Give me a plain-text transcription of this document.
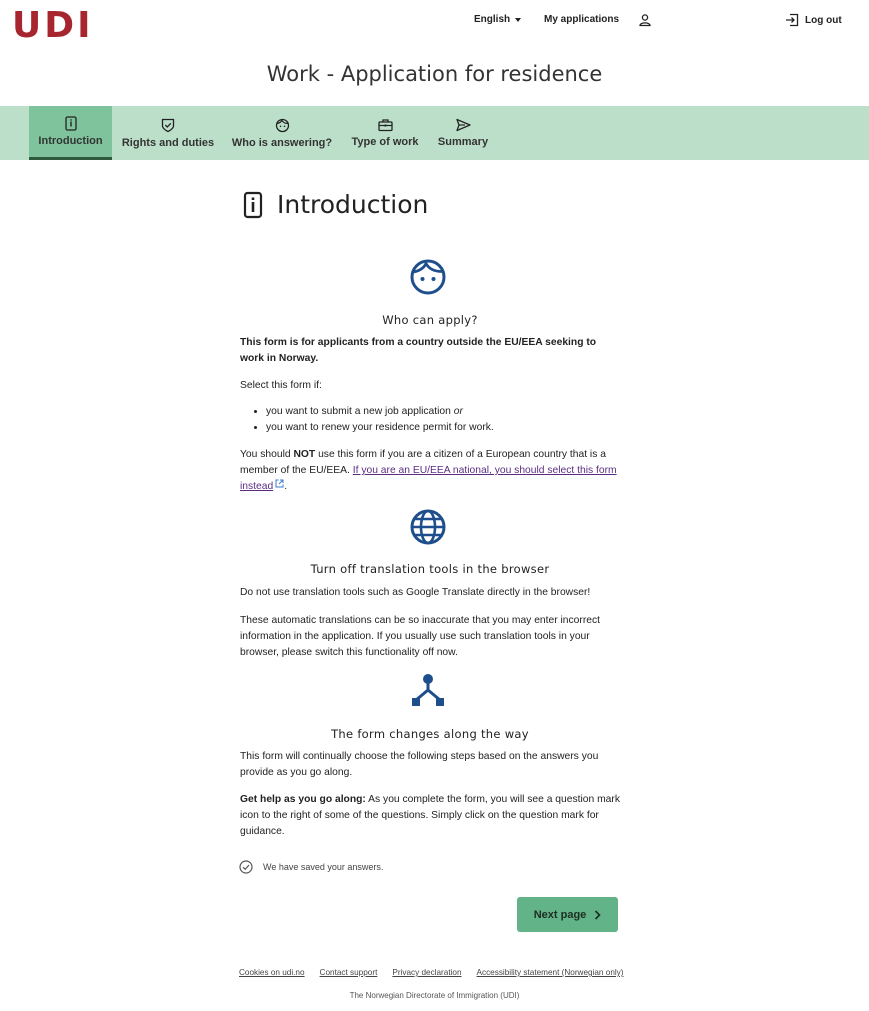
UDI	English	My applications	Log out
Work - Application for residence
Introduction Rights and duties Who is answering? Type of work Summary
Introduction
Who can apply?

This form is for applicants from a country outside the EU/EEA seeking to work in Norway.

Select this form if:

• you want to submit a new job application or
• you want to renew your residence permit for work.

You should NOT use this form if you are a citizen of a European country that is a member of the EU/EEA. If you are an EU/EEA national, you should select this form instead .

Turn off translation tools in the browser

Do not use translation tools such as Google Translate directly in the browser!

These automatic translations can be so inaccurate that you may enter incorrect information in the application. If you usually use such translation tools in your browser, please switch this functionality off now.

The form changes along the way

This form will continually choose the following steps based on the answers you provide as you go along.

Get help as you go along: As you complete the form, you will see a question mark icon to the right of some of the questions. Simply click on the question mark for guidance.

We have saved your answers.
Next page
Cookies on udi.no Contact support Privacy declaration Accessibility statement (Norwegian only)
The Norwegian Directorate of Immigration (UDI)
